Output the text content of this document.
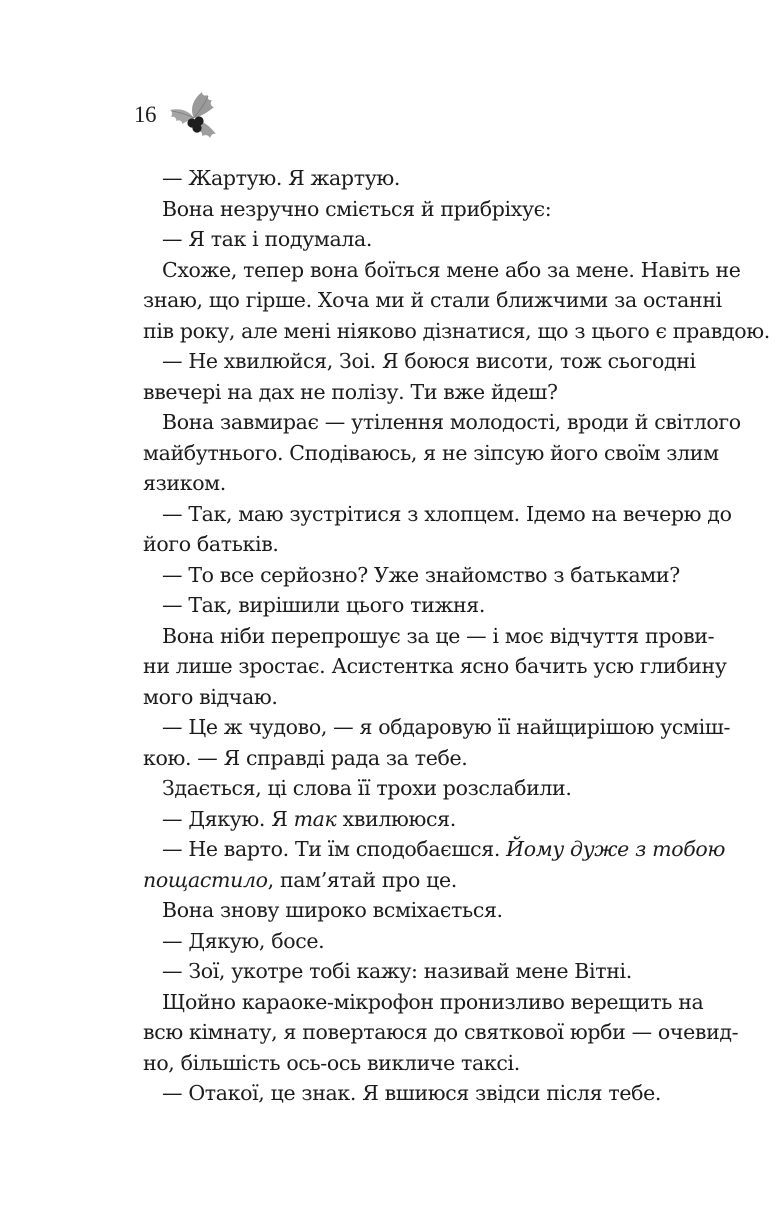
16
— Жартую. Я жартую.
Вона незручно сміється й прибріхує:
— Я так і подумала.
Схоже, тепер вона боїться мене або за мене. Навіть не
знаю, що гірше. Хоча ми й стали ближчими за останні
пів року, але мені ніяково дізнатися, що з цього є правдою.
— Не хвилюйся, Зоі. Я боюся висоти, тож сьогодні
ввечері на дах не полізу. Ти вже йдеш?
Вона завмирає — утілення молодості, вроди й світлого
майбутнього. Сподіваюсь, я не зіпсую його своїм злим
язиком.
— Так, маю зустрітися з хлопцем. Ідемо на вечерю до
його батьків.
— То все серйозно? Уже знайомство з батьками?
— Так, вирішили цього тижня.
Вона ніби перепрошує за це — і моє відчуття прови-
ни лише зростає. Асистентка ясно бачить усю глибину
мого відчаю.
— Це ж чудово, — я обдаровую її найщирішою усміш-
кою. — Я справді рада за тебе.
Здається, ці слова її трохи розслабили.
— Дякую. Я так хвилююся.
— Не варто. Ти їм сподобаєшся. Йому дуже з тобою
пощастило, пам’ятай про це.
Вона знову широко всміхається.
— Дякую, босе.
— Зої, укотре тобі кажу: називай мене Вітні.
Щойно караоке-мікрофон пронизливо верещить на
всю кімнату, я повертаюся до святкової юрби — очевид-
но, більшість ось-ось викличе таксі.
— Отакої, це знак. Я вшиюся звідси після тебе.
